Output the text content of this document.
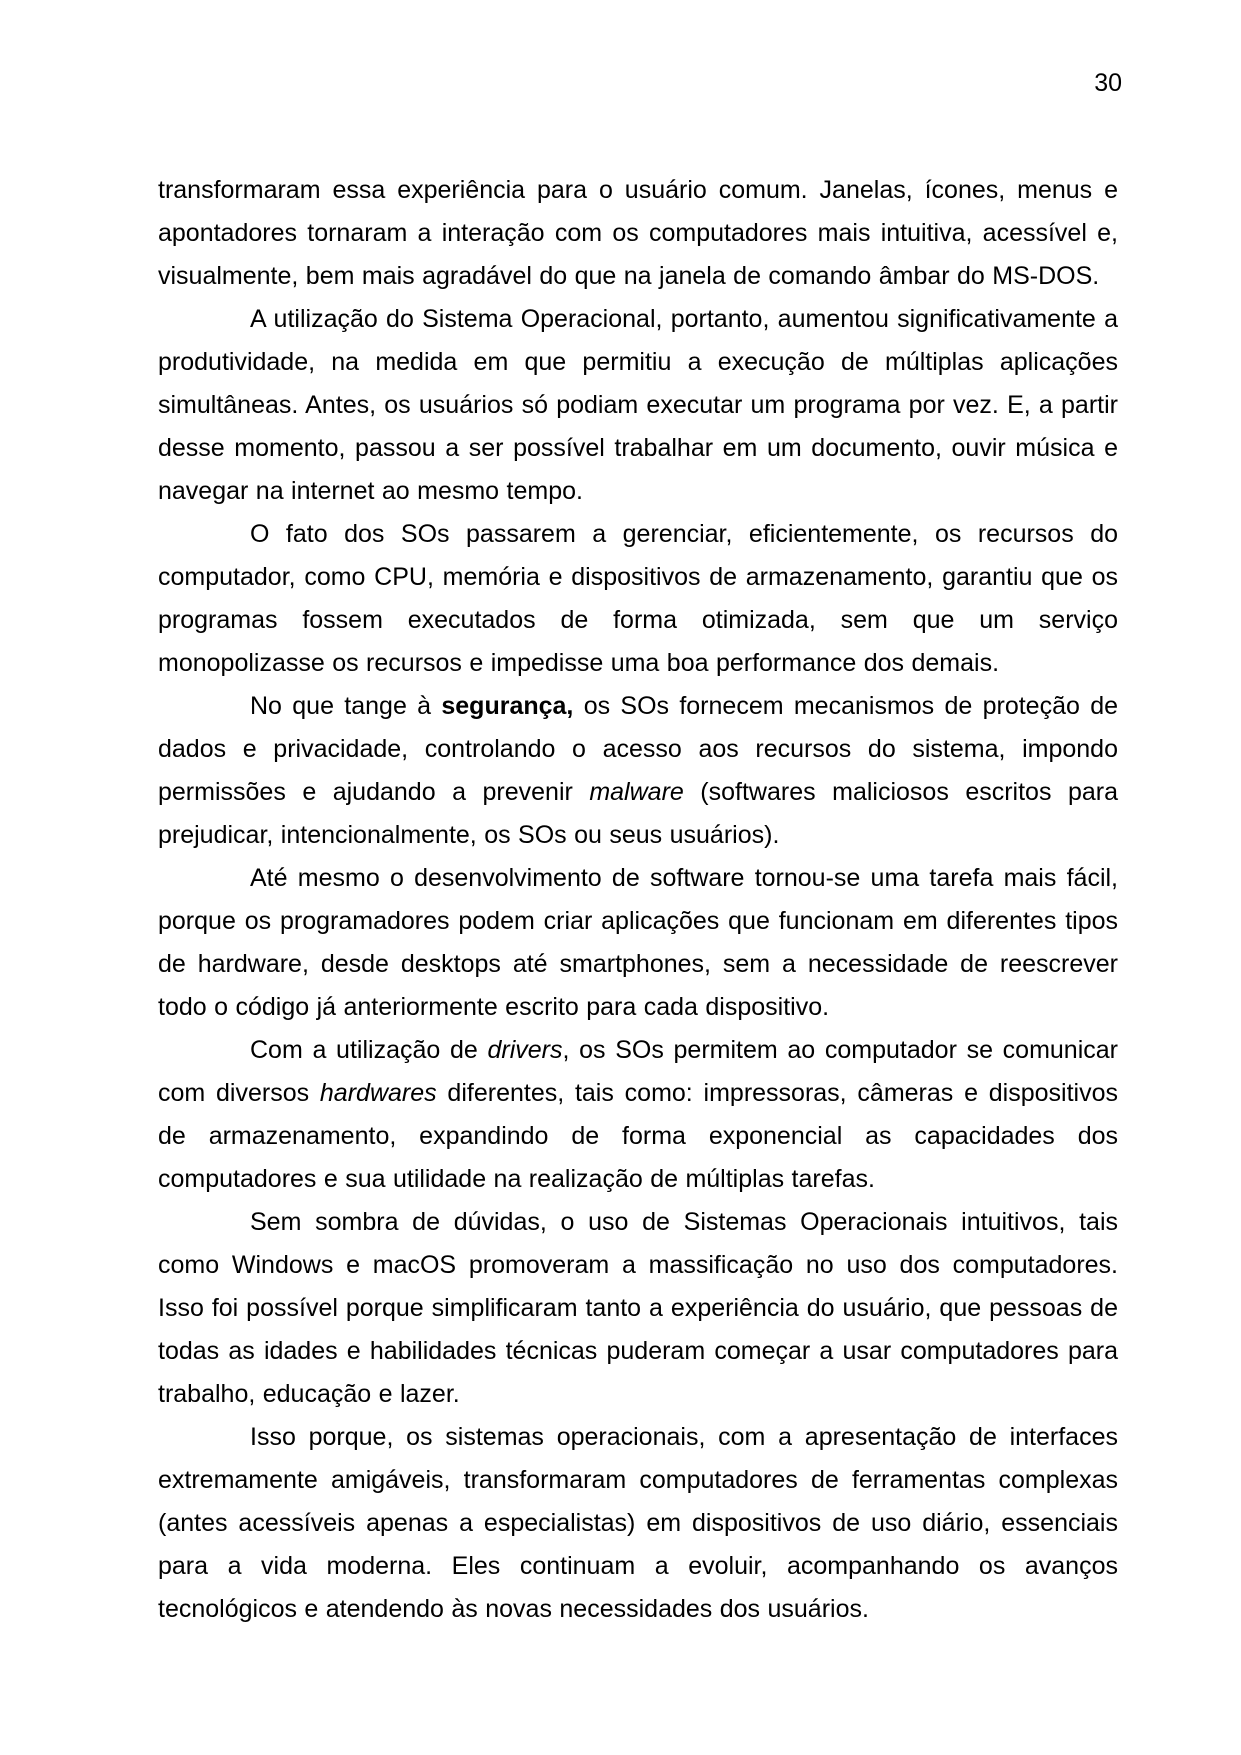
30

transformaram essa experiência para o usuário comum. Janelas, ícones, menus e apontadores tornaram a interação com os computadores mais intuitiva, acessível e, visualmente, bem mais agradável do que na janela de comando âmbar do MS-DOS.

A utilização do Sistema Operacional, portanto, aumentou significativamente a produtividade, na medida em que permitiu a execução de múltiplas aplicações simultâneas. Antes, os usuários só podiam executar um programa por vez. E, a partir desse momento, passou a ser possível trabalhar em um documento, ouvir música e navegar na internet ao mesmo tempo.

O fato dos SOs passarem a gerenciar, eficientemente, os recursos do computador, como CPU, memória e dispositivos de armazenamento, garantiu que os programas fossem executados de forma otimizada, sem que um serviço monopolizasse os recursos e impedisse uma boa performance dos demais.

No que tange à segurança, os SOs fornecem mecanismos de proteção de dados e privacidade, controlando o acesso aos recursos do sistema, impondo permissões e ajudando a prevenir malware (softwares maliciosos escritos para prejudicar, intencionalmente, os SOs ou seus usuários).

Até mesmo o desenvolvimento de software tornou-se uma tarefa mais fácil, porque os programadores podem criar aplicações que funcionam em diferentes tipos de hardware, desde desktops até smartphones, sem a necessidade de reescrever todo o código já anteriormente escrito para cada dispositivo.

Com a utilização de drivers, os SOs permitem ao computador se comunicar com diversos hardwares diferentes, tais como: impressoras, câmeras e dispositivos de armazenamento, expandindo de forma exponencial as capacidades dos computadores e sua utilidade na realização de múltiplas tarefas.

Sem sombra de dúvidas, o uso de Sistemas Operacionais intuitivos, tais como Windows e macOS promoveram a massificação no uso dos computadores. Isso foi possível porque simplificaram tanto a experiência do usuário, que pessoas de todas as idades e habilidades técnicas puderam começar a usar computadores para trabalho, educação e lazer.

Isso porque, os sistemas operacionais, com a apresentação de interfaces extremamente amigáveis, transformaram computadores de ferramentas complexas (antes acessíveis apenas a especialistas) em dispositivos de uso diário, essenciais para a vida moderna. Eles continuam a evoluir, acompanhando os avanços tecnológicos e atendendo às novas necessidades dos usuários.
